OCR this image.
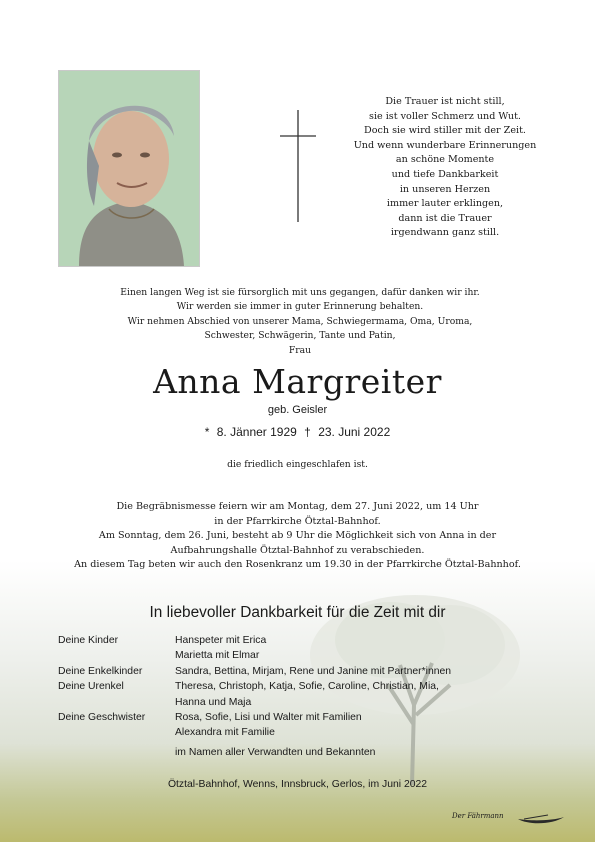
Die Trauer ist nicht still,
sie ist voller Schmerz und Wut.
Doch sie wird stiller mit der Zeit.
Und wenn wunderbare Erinnerungen
an schöne Momente
und tiefe Dankbarkeit
in unseren Herzen
immer lauter erklingen,
dann ist die Trauer
irgendwann ganz still.
Einen langen Weg ist sie fürsorglich mit uns gegangen, dafür danken wir ihr.
Wir werden sie immer in guter Erinnerung behalten.
Wir nehmen Abschied von unserer Mama, Schwiegermama, Oma, Uroma,
Schwester, Schwägerin, Tante und Patin,
Frau
Anna Margreiter
geb. Geisler
* 8. Jänner 1929 † 23. Juni 2022
die friedlich eingeschlafen ist.
Die Begräbnismesse feiern wir am Montag, dem 27. Juni 2022, um 14 Uhr
in der Pfarrkirche Ötztal-Bahnhof.
Am Sonntag, dem 26. Juni, besteht ab 9 Uhr die Möglichkeit sich von Anna in der
Aufbahrungshalle Ötztal-Bahnhof zu verabschieden.
An diesem Tag beten wir auch den Rosenkranz um 19.30 in der Pfarrkirche Ötztal-Bahnhof.
In liebevoller Dankbarkeit für die Zeit mit dir
Deine Kinder	Hanspeter mit Erica
Marietta mit Elmar
Deine Enkelkinder	Sandra, Bettina, Mirjam, Rene und Janine mit Partner*innen
Deine Urenkel	Theresa, Christoph, Katja, Sofie, Caroline, Christian, Mia,
Hanna und Maja
Deine Geschwister	Rosa, Sofie, Lisi und Walter mit Familien
Alexandra mit Familie
im Namen aller Verwandten und Bekannten
Ötztal-Bahnhof, Wenns, Innsbruck, Gerlos, im Juni 2022
Der Fährmann
